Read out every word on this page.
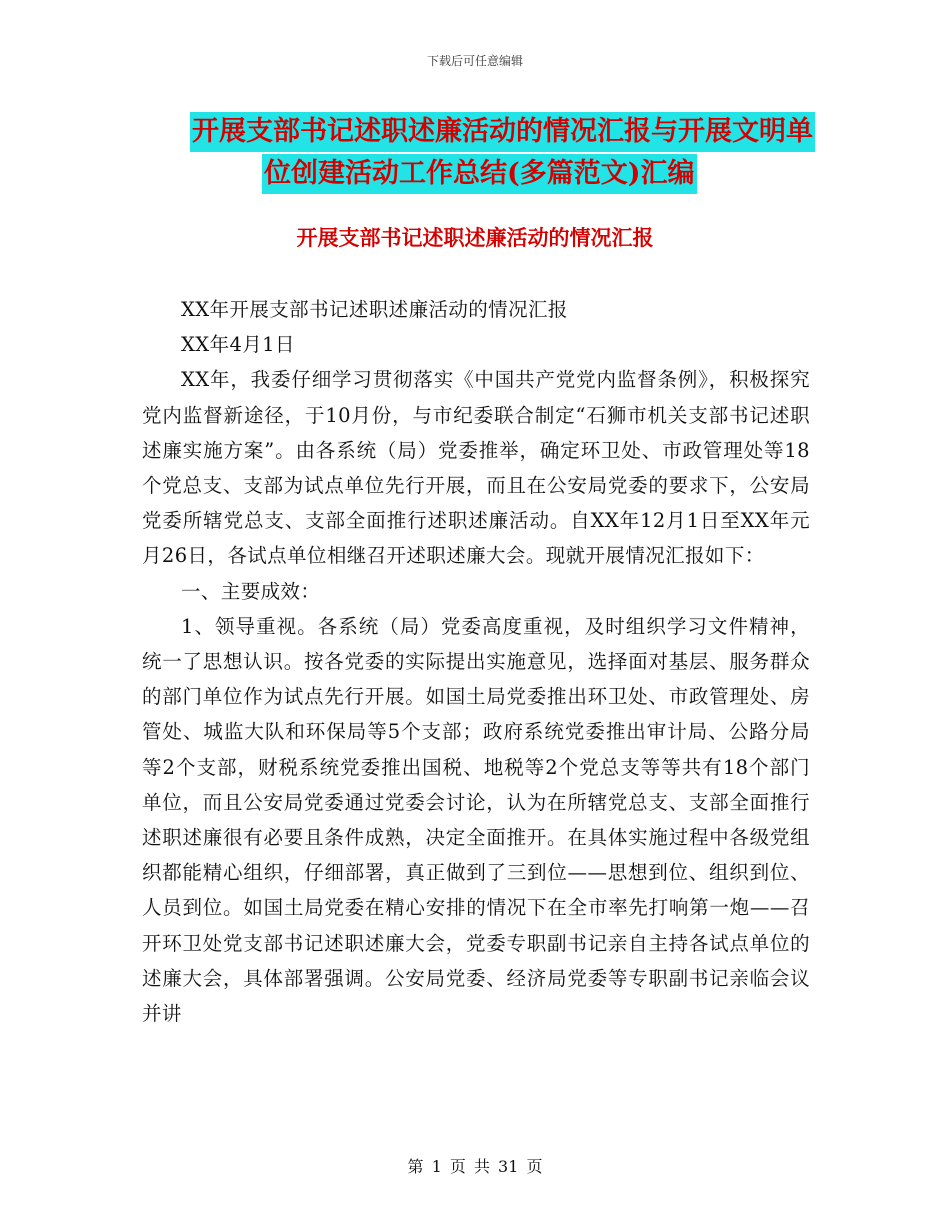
下载后可任意编辑
开展支部书记述职述廉活动的情况汇报与开展文明单
位创建活动工作总结(多篇范文)汇编
开展支部书记述职述廉活动的情况汇报

XX年开展支部书记述职述廉活动的情况汇报

XX年4月1日

XX年，我委仔细学习贯彻落实《中国共产党党内监督条例》，积极探究党内监督新途径，于10月份，与市纪委联合制定“石狮市机关支部书记述职述廉实施方案”。由各系统（局）党委推举，确定环卫处、市政管理处等18个党总支、支部为试点单位先行开展，而且在公安局党委的要求下，公安局党委所辖党总支、支部全面推行述职述廉活动。自XX年12月1日至XX年元月26日，各试点单位相继召开述职述廉大会。现就开展情况汇报如下：

一、主要成效：

1、领导重视。各系统（局）党委高度重视，及时组织学习文件精神，统一了思想认识。按各党委的实际提出实施意见，选择面对基层、服务群众的部门单位作为试点先行开展。如国土局党委推出环卫处、市政管理处、房管处、城监大队和环保局等5个支部；政府系统党委推出审计局、公路分局等2个支部，财税系统党委推出国税、地税等2个党总支等等共有18个部门单位，而且公安局党委通过党委会讨论，认为在所辖党总支、支部全面推行述职述廉很有必要且条件成熟，决定全面推开。在具体实施过程中各级党组织都能精心组织，仔细部署，真正做到了三到位——思想到位、组织到位、人员到位。如国土局党委在精心安排的情况下在全市率先打响第一炮——召开环卫处党支部书记述职述廉大会，党委专职副书记亲自主持各试点单位的述廉大会，具体部署强调。公安局党委、经济局党委等专职副书记亲临会议并讲

第 1 页 共 31 页
